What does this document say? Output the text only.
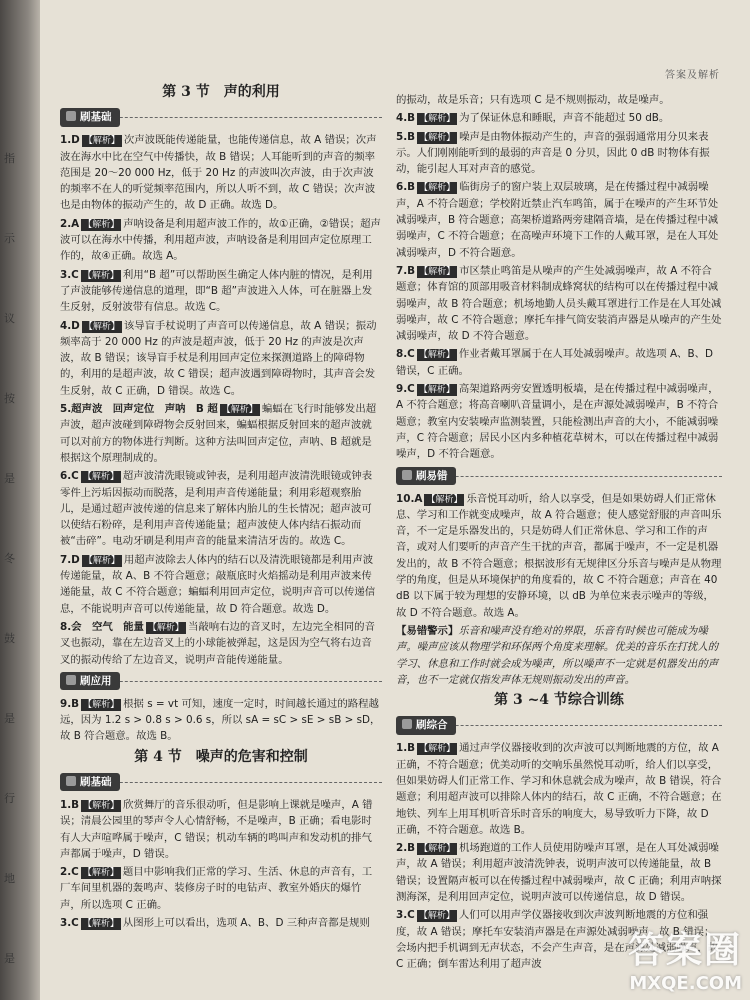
指
示
议
按
是
冬
鼓
是
行
地
是
答案及解析
第 3 节　声的利用
刷基础
1.D 【解析】 次声波既能传递能量，也能传递信息，故 A 错误；次声波在海水中比在空气中传播快，故 B 错误；人耳能听到的声音的频率范围是 20～20 000 Hz，低于 20 Hz 的声波叫次声波，由于次声波的频率不在人的听觉频率范围内，所以人听不到，故 C 错误；次声波也是由物体的振动产生的，故 D 正确。故选 D。
2.A 【解析】 声呐设备是利用超声波工作的，故①正确，②错误；超声波可以在海水中传播，利用超声波，声呐设备是利用回声定位原理工作的，故④正确。故选 A。
3.C 【解析】 利用“B 超”可以帮助医生确定人体内脏的情况，是利用了声波能够传递信息的道理，即“B 超”声波进入人体，可在脏器上发生反射，反射波带有信息。故选 C。
4.D 【解析】 该导盲手杖说明了声音可以传递信息，故 A 错误；振动频率高于 20 000 Hz 的声波是超声波，低于 20 Hz 的声波是次声波，故 B 错误；该导盲手杖是利用回声定位来探测道路上的障碍物的，利用的是超声波，故 C 错误；超声波遇到障碍物时，其声音会发生反射，故 C 正确，D 错误。故选 C。
5.超声波　回声定位　声呐　B 超 【解析】 蝙蝠在飞行时能够发出超声波，超声波碰到障碍物会反射回来，蝙蝠根据反射回来的超声波就可以对前方的物体进行判断。这种方法叫回声定位，声呐、B 超就是根据这个原理制成的。
6.C 【解析】 超声波清洗眼镜或钟表，是利用超声波清洗眼镜或钟表零件上污垢因振动而脱落，是利用声音传递能量；利用彩超观察胎儿，是通过超声波传递的信息来了解体内胎儿的生长情况；超声波可以使结石粉碎，是利用声音传递能量；超声波使人体内结石振动而被“击碎”。电动牙刷是利用声音的能量来清洁牙齿的。故选 C。
7.D 【解析】 用超声波除去人体内的结石以及清洗眼镜都是利用声波传递能量，故 A、B 不符合题意；敲瓶底时火焰摇动是利用声波来传递能量，故 C 不符合题意；蝙蝠利用回声定位，说明声音可以传递信息，不能说明声音可以传递能量，故 D 符合题意。故选 D。
8.会　空气　能量 【解析】 当敲响右边的音叉时，左边完全相同的音叉也振动，靠在左边音叉上的小球能被弹起，这是因为空气将右边音叉的振动传给了左边音叉，说明声音能传递能量。
刷应用
9.B 【解析】 根据 s = vt 可知，速度一定时，时间越长通过的路程越远，因为 1.2 s > 0.8 s > 0.6 s，所以 sA = sC > sE > sB > sD，故 B 符合题意。故选 B。
第 4 节　噪声的危害和控制
刷基础
1.B 【解析】 欣赏舞厅的音乐很动听，但是影响上课就是噪声，A 错误；清晨公园里的琴声令人心情舒畅，不是噪声，B 正确；看电影时有人大声喧哗属于噪声，C 错误；机动车辆的鸣叫声和发动机的排气声都属于噪声，D 错误。
2.C 【解析】 题目中影响我们正常的学习、生活、休息的声音有，工厂车间里机器的轰鸣声、装修房子时的电钻声、教室外婚庆的爆竹声，所以选项 C 正确。
3.C 【解析】 从图形上可以看出，选项 A、B、D 三种声音都是规则
的振动，故是乐音；只有选项 C 是不规则振动，故是噪声。
4.B 【解析】 为了保证休息和睡眠，声音不能超过 50 dB。
5.B 【解析】 噪声是由物体振动产生的，声音的强弱通常用分贝来表示。人们刚刚能听到的最弱的声音是 0 分贝，因此 0 dB 时物体有振动，能引起人耳对声音的感觉。
6.B 【解析】 临街房子的窗户装上双层玻璃，是在传播过程中减弱噪声，A 不符合题意；学校附近禁止汽车鸣笛，属于在噪声的产生环节处减弱噪声，B 符合题意；高架桥道路两旁建隔音墙，是在传播过程中减弱噪声，C 不符合题意；在高噪声环境下工作的人戴耳罩，是在人耳处减弱噪声，D 不符合题意。
7.B 【解析】 市区禁止鸣笛是从噪声的产生处减弱噪声，故 A 不符合题意；体育馆的顶部用吸音材料制成蜂窝状的结构可以在传播过程中减弱噪声，故 B 符合题意；机场地勤人员头戴耳罩进行工作是在人耳处减弱噪声，故 C 不符合题意；摩托车排气筒安装消声器是从噪声的产生处减弱噪声，故 D 不符合题意。
8.C 【解析】 作业者戴耳罩属于在人耳处减弱噪声。故选项 A、B、D 错误，C 正确。
9.C 【解析】 高架道路两旁安置透明板墙，是在传播过程中减弱噪声，A 不符合题意；将高音喇叭音量调小，是在声源处减弱噪声，B 不符合题意；教室内安装噪声监测装置，只能检测出声音的大小，不能减弱噪声，C 符合题意；居民小区内多种植花草树木，可以在传播过程中减弱噪声，D 不符合题意。
刷易错
10.A 【解析】 乐音悦耳动听，给人以享受，但是如果妨碍人们正常休息、学习和工作就变成噪声，故 A 符合题意；使人感觉舒服的声音叫乐音，不一定是乐器发出的，只是妨碍人们正常休息、学习和工作的声音，或对人们要听的声音产生干扰的声音，都属于噪声，不一定是机器发出的，故 B 不符合题意；根据波形有无规律区分乐音与噪声是从物理学的角度，但是从环境保护的角度看的，故 C 不符合题意；声音在 40 dB 以下属于较为理想的安静环境，以 dB 为单位来表示噪声的等级，故 D 不符合题意。故选 A。
【易错警示】乐音和噪声没有绝对的界限，乐音有时候也可能成为噪声。噪声应该从物理学和环保两个角度来理解。优美的音乐在打扰人的学习、休息和工作时就会成为噪声，所以噪声不一定就是机器发出的声音，也不一定就仅指发声体无规则振动发出的声音。
第 3 ~4 节综合训练
刷综合
1.B 【解析】 通过声学仪器接收到的次声波可以判断地震的方位，故 A 正确，不符合题意；优美动听的交响乐虽然悦耳动听，给人们以享受，但如果妨碍人们正常工作、学习和休息就会成为噪声，故 B 错误，符合题意；利用超声波可以排除人体内的结石，故 C 正确，不符合题意；在地铁、列车上用耳机听音乐时音乐的响度大，易导致听力下降，故 D 正确，不符合题意。故选 B。
2.B 【解析】 机场跑道的工作人员使用防噪声耳罩，是在人耳处减弱噪声，故 A 错误；利用超声波清洗钟表，说明声波可以传递能量，故 B 错误；设置隔声板可以在传播过程中减弱噪声，故 C 正确；利用声呐探测海深，是利用回声定位，说明声波可以传递信息，故 D 错误。
3.C 【解析】 人们可以用声学仪器接收到次声波判断地震的方位和强度，故 A 错误；摩托车安装消声器是在声源处减弱噪声，故 B 错误；会场内把手机调到无声状态，不会产生声音，是在声源处减弱噪声，故 C 正确；倒车雷达利用了超声波	答案圈
MXQE.COM
